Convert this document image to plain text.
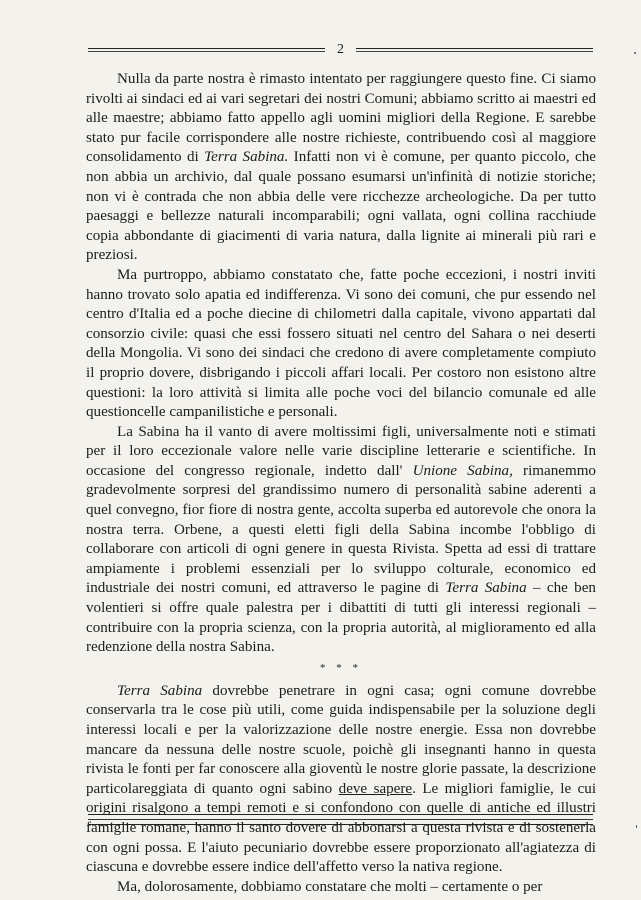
2

Nulla da parte nostra è rimasto intentato per raggiungere questo fine. Ci siamo rivolti ai sindaci ed ai vari segretari dei nostri Comuni; abbiamo scritto ai maestri ed alle maestre; abbiamo fatto appello agli uomini migliori della Regione. E sarebbe stato pur facile corrispondere alle nostre richieste, contribuendo così al maggiore consolidamento di Terra Sabina. Infatti non vi è comune, per quanto piccolo, che non abbia un archivio, dal quale possano esumarsi un'infinità di notizie storiche; non vi è contrada che non abbia delle vere ricchezze archeologiche. Da per tutto paesaggi e bellezze naturali incomparabili; ogni vallata, ogni collina racchiude copia abbondante di giacimenti di varia natura, dalla lignite ai minerali più rari e preziosi.

Ma purtroppo, abbiamo constatato che, fatte poche eccezioni, i nostri inviti hanno trovato solo apatia ed indifferenza. Vi sono dei comuni, che pur essendo nel centro d'Italia ed a poche diecine di chilometri dalla capitale, vivono appartati dal consorzio civile: quasi che essi fossero situati nel centro del Sahara o nei deserti della Mongolia. Vi sono dei sindaci che credono di avere completamente compiuto il proprio dovere, disbrigando i piccoli affari locali. Per costoro non esistono altre questioni: la loro attività si limita alle poche voci del bilancio comunale ed alle questioncelle campanilistiche e personali.

La Sabina ha il vanto di avere moltissimi figli, universalmente noti e stimati per il loro eccezionale valore nelle varie discipline letterarie e scientifiche. In occasione del congresso regionale, indetto dall' Unione Sabina, rimanemmo gradevolmente sorpresi del grandissimo numero di personalità sabine aderenti a quel convegno, fior fiore di nostra gente, accolta superba ed autorevole che onora la nostra terra. Orbene, a questi eletti figli della Sabina incombe l'obbligo di collaborare con articoli di ogni genere in questa Rivista. Spetta ad essi di trattare ampiamente i problemi essenziali per lo sviluppo colturale, economico ed industriale dei nostri comuni, ed attraverso le pagine di Terra Sabina – che ben volentieri si offre quale palestra per i dibattiti di tutti gli interessi regionali – contribuire con la propria scienza, con la propria autorità, al miglioramento ed alla redenzione della nostra Sabina.

* * *

Terra Sabina dovrebbe penetrare in ogni casa; ogni comune dovrebbe conservarla tra le cose più utili, come guida indispensabile per la soluzione degli interessi locali e per la valorizzazione delle nostre energie. Essa non dovrebbe mancare da nessuna delle nostre scuole, poichè gli insegnanti hanno in questa rivista le fonti per far conoscere alla gioventù le nostre glorie passate, la descrizione particolareggiata di quanto ogni sabino deve sapere. Le migliori famiglie, le cui origini risalgono a tempi remoti e si confondono con quelle di antiche ed illustri famiglie romane, hanno il santo dovere di abbonarsi a questa rivista e di sostenerla con ogni possa. E l'aiuto pecuniario dovrebbe essere proporzionato all'agiatezza di ciascuna e dovrebbe essere indice dell'affetto verso la nativa regione.

Ma, dolorosamente, dobbiamo constatare che molti – certamente o per
